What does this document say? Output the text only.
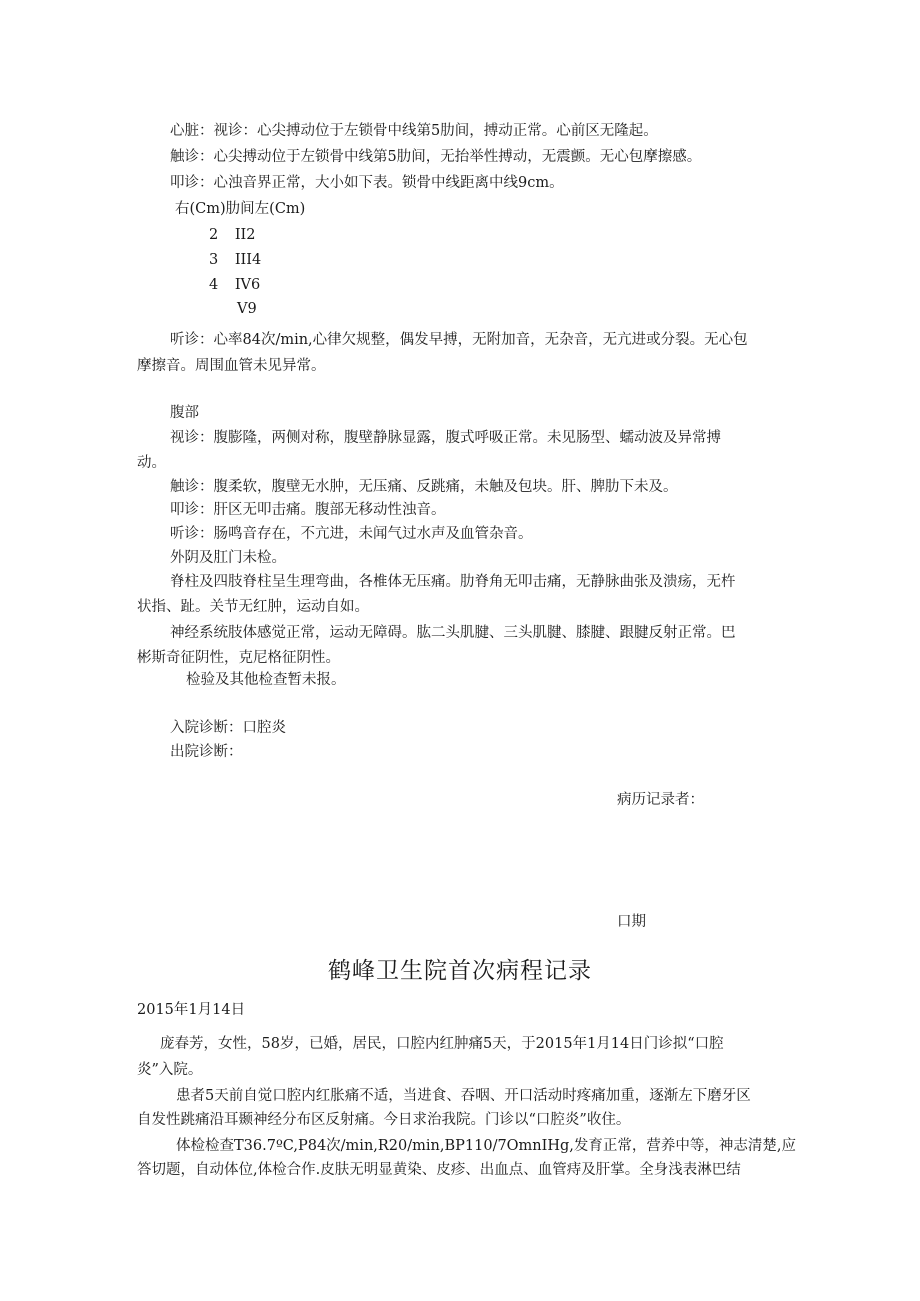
心脏：视诊：心尖搏动位于左锁骨中线第5肋间，搏动正常。心前区无隆起。
触诊：心尖搏动位于左锁骨中线第5肋间，无抬举性搏动，无震颤。无心包摩擦感。
叩诊：心浊音界正常，大小如下表。锁骨中线距离中线9cm。
右(Cm)肋间左(Cm)
2 II2
3 III4
4 IV6
V9
听诊：心率84次/min,心律欠规整，偶发早搏，无附加音，无杂音，无亢进或分裂。无心包
摩擦音。周围血管未见异常。
腹部
视诊：腹膨隆，两侧对称，腹壁静脉显露，腹式呼吸正常。未见肠型、蠕动波及异常搏
动。
触诊：腹柔软，腹壁无水肿，无压痛、反跳痛，未触及包块。肝、脾肋下未及。
叩诊：肝区无叩击痛。腹部无移动性浊音。
听诊：肠鸣音存在，不亢进，未闻气过水声及血管杂音。
外阴及肛门未检。
脊柱及四肢脊柱呈生理弯曲，各椎体无压痛。肋脊角无叩击痛，无静脉曲张及溃疡，无杵
状指、趾。关节无红肿，运动自如。
神经系统肢体感觉正常，运动无障碍。肱二头肌腱、三头肌腱、膝腱、跟腱反射正常。巴
彬斯奇征阴性，克尼格征阴性。
检验及其他检查暂未报。
入院诊断：口腔炎
出院诊断：
病历记录者：
口期
鹤峰卫生院首次病程记录
2015年1月14日
庞春芳，女性，58岁，已婚，居民，口腔内红肿痛5天，于2015年1月14日门诊拟“口腔
炎”入院。
患者5天前自觉口腔内红胀痛不适，当进食、吞咽、开口活动时疼痛加重，逐渐左下磨牙区
自发性跳痛沿耳颞神经分布区反射痛。今日求治我院。门诊以“口腔炎”收住。
体检检查T36.7ºC,P84次/min,R20/min,BP110/7OmnIHg,发育正常，营养中等，神志清楚,应
答切题，自动体位,体检合作.皮肤无明显黄染、皮疹、出血点、血管痔及肝掌。全身浅表淋巴结
